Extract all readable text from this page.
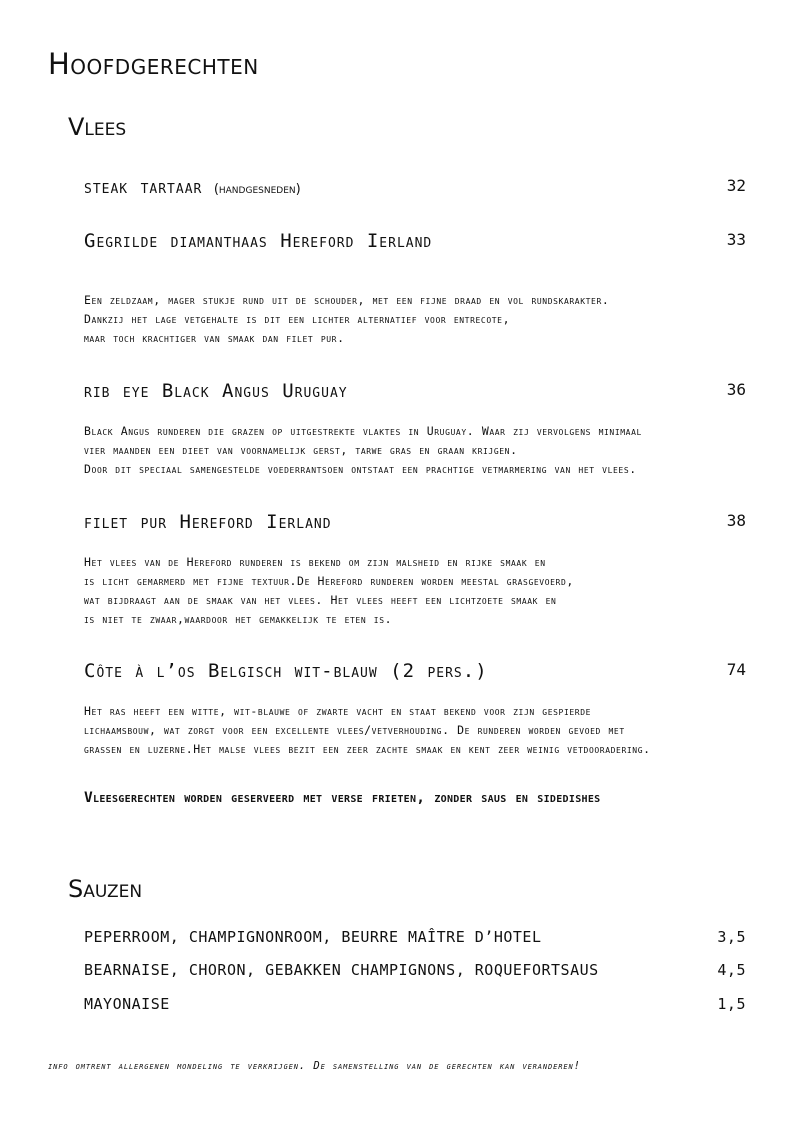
Hoofdgerechten
Vlees
steak tartaar (handgesneden)	32
Gegrilde diamanthaas Hereford Ierland	33
Een zeldzaam, mager stukje rund uit de schouder, met een fijne draad en vol rundskarakter.
Dankzij het lage vetgehalte is dit een lichter alternatief voor entrecote,
maar toch krachtiger van smaak dan filet pur.
rib eye Black Angus Uruguay	36
Black Angus runderen die grazen op uitgestrekte vlaktes in Uruguay. Waar zij vervolgens minimaal
vier maanden een dieet van voornamelijk gerst, tarwe gras en graan krijgen.
Door dit speciaal samengestelde voederrantsoen ontstaat een prachtige vetmarmering van het vlees.
filet pur Hereford Ierland	38
Het vlees van de Hereford runderen is bekend om zijn malsheid en rijke smaak en
is licht gemarmerd met fijne textuur.De Hereford runderen worden meestal grasgevoerd,
wat bijdraagt aan de smaak van het vlees. Het vlees heeft een lichtzoete smaak en
is niet te zwaar,waardoor het gemakkelijk te eten is.
Côte à l’os Belgisch wit-blauw (2 pers.)	74
Het ras heeft een witte, wit-blauwe of zwarte vacht en staat bekend voor zijn gespierde
lichaamsbouw, wat zorgt voor een excellente vlees/vetverhouding. De runderen worden gevoed met
grassen en luzerne.Het malse vlees bezit een zeer zachte smaak en kent zeer weinig vetdooradering.
Vleesgerechten worden geserveerd met verse frieten, zonder saus en sidedishes
Sauzen
PEPERROOM, CHAMPIGNONROOM, BEURRE MAÎTRE D’HOTEL	3,5
BEARNAISE, CHORON, GEBAKKEN CHAMPIGNONS, ROQUEFORTSAUS	4,5
MAYONAISE	1,5
info omtrent allergenen mondeling te verkrijgen. De samenstelling van de gerechten kan veranderen!
